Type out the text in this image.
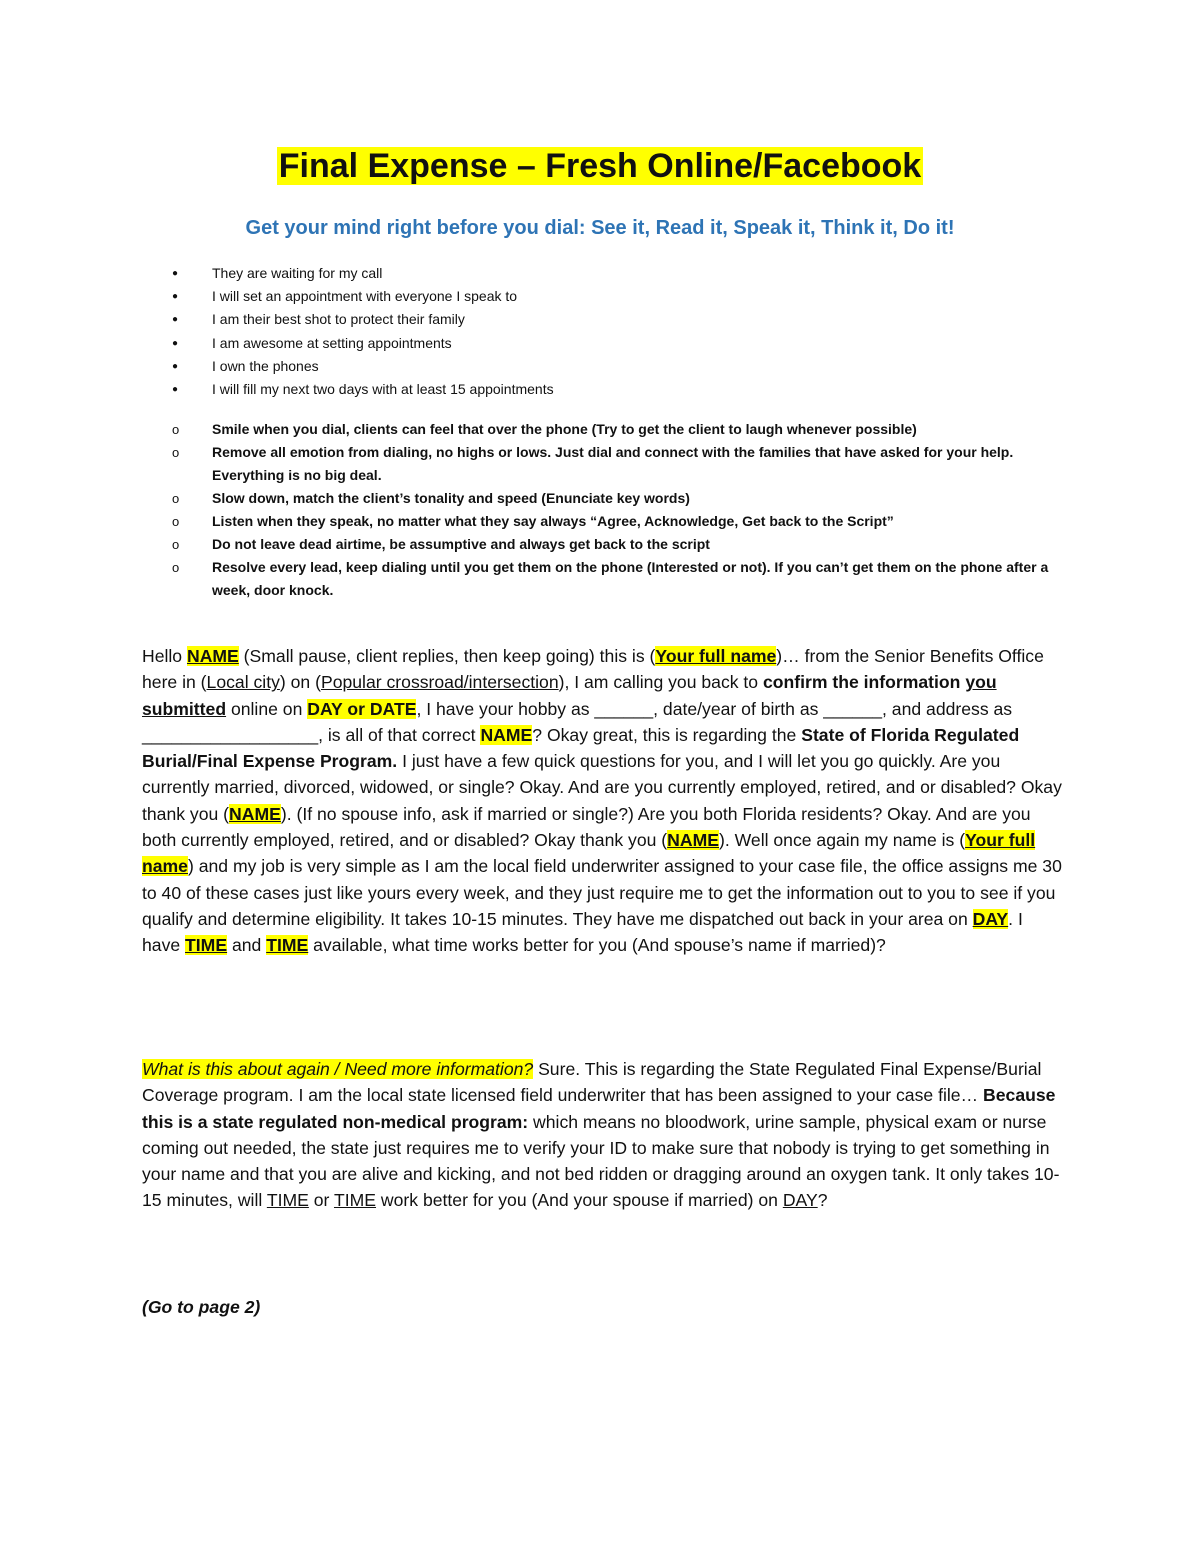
Final Expense – Fresh Online/Facebook
Get your mind right before you dial: See it, Read it, Speak it, Think it, Do it!
● They are waiting for my call
● I will set an appointment with everyone I speak to
● I am their best shot to protect their family
● I am awesome at setting appointments
● I own the phones
● I will fill my next two days with at least 15 appointments
o Smile when you dial, clients can feel that over the phone (Try to get the client to laugh whenever possible)
o Remove all emotion from dialing, no highs or lows. Just dial and connect with the families that have asked for your help. Everything is no big deal.
o Slow down, match the client’s tonality and speed (Enunciate key words)
o Listen when they speak, no matter what they say always “Agree, Acknowledge, Get back to the Script”
o Do not leave dead airtime, be assumptive and always get back to the script
o Resolve every lead, keep dialing until you get them on the phone (Interested or not). If you can’t get them on the phone after a week, door knock.

Hello NAME (Small pause, client replies, then keep going) this is (Your full name)… from the Senior Benefits Office here in (Local city) on (Popular crossroad/intersection), I am calling you back to confirm the information you submitted online on DAY or DATE, I have your hobby as ______, date/year of birth as ______, and address as __________________, is all of that correct NAME? Okay great, this is regarding the State of Florida Regulated Burial/Final Expense Program. I just have a few quick questions for you, and I will let you go quickly. Are you currently married, divorced, widowed, or single? Okay. And are you currently employed, retired, and or disabled? Okay thank you (NAME). (If no spouse info, ask if married or single?) Are you both Florida residents? Okay. And are you both currently employed, retired, and or disabled? Okay thank you (NAME). Well once again my name is (Your full name) and my job is very simple as I am the local field underwriter assigned to your case file, the office assigns me 30 to 40 of these cases just like yours every week, and they just require me to get the information out to you to see if you qualify and determine eligibility. It takes 10-15 minutes. They have me dispatched out back in your area on DAY. I have TIME and TIME available, what time works better for you (And spouse’s name if married)?

What is this about again / Need more information? Sure. This is regarding the State Regulated Final Expense/Burial Coverage program. I am the local state licensed field underwriter that has been assigned to your case file… Because this is a state regulated non-medical program: which means no bloodwork, urine sample, physical exam or nurse coming out needed, the state just requires me to verify your ID to make sure that nobody is trying to get something in your name and that you are alive and kicking, and not bed ridden or dragging around an oxygen tank. It only takes 10-15 minutes, will TIME or TIME work better for you (And your spouse if married) on DAY?

(Go to page 2)
